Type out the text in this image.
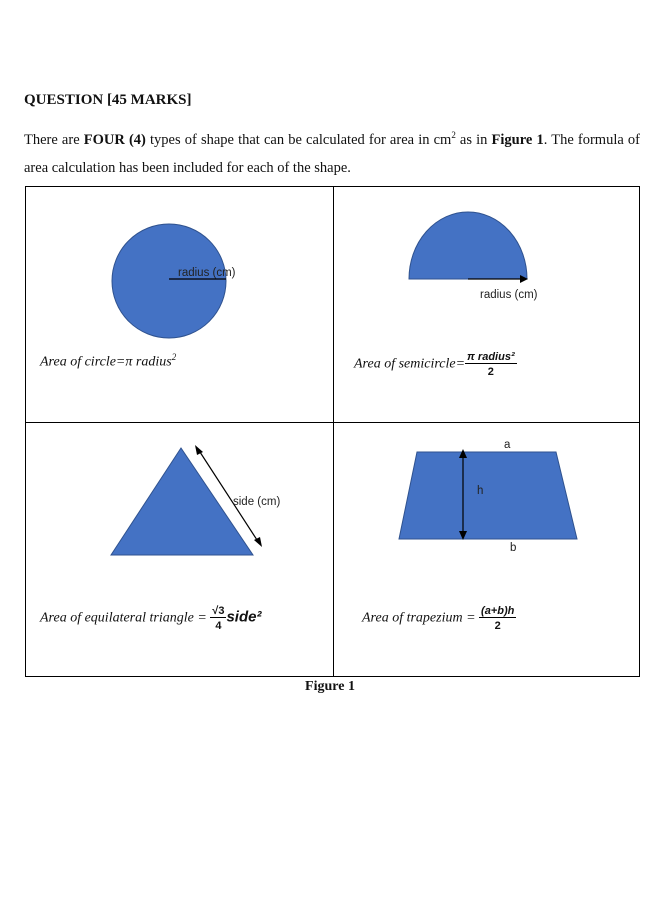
QUESTION [45 MARKS]
There are FOUR (4) types of shape that can be calculated for area in $cm^2$ as in Figure 1. The formula of area calculation has been included for each of the shape.
radius (cm)
radius (cm)
side (cm)
a
h
b
Area of circle=π radius$^2$	Area of semicircle= $\frac{\text{π radius²}}{2}$
Area of equilateral triangle = $\frac{√3}{4}$ side²	Area of trapezium = $\frac{(a+b)h}{2}$
Figure 1
